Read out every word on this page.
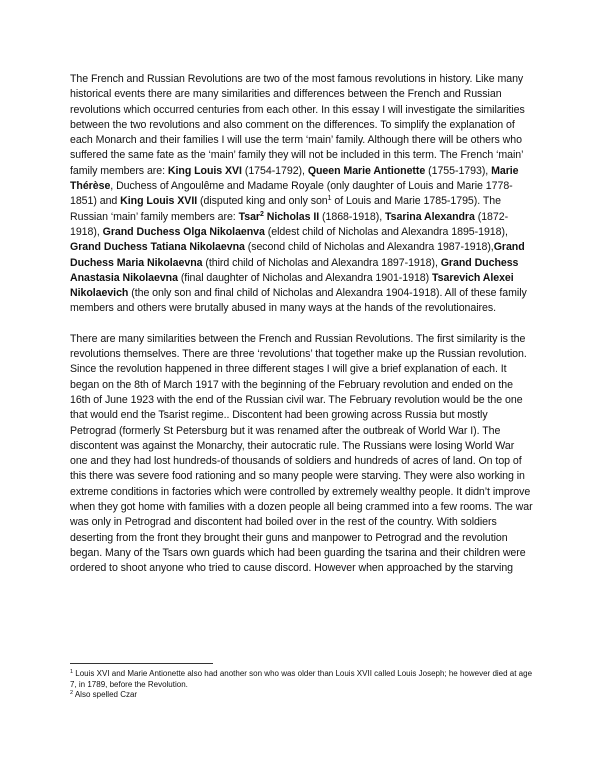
The French and Russian Revolutions are two of the most famous revolutions in history. Like many historical events there are many similarities and differences between the French and Russian revolutions which occurred centuries from each other. In this essay I will investigate the similarities between the two revolutions and also comment on the differences. To simplify the explanation of each Monarch and their families I will use the term ‘main’ family. Although there will be others who suffered the same fate as the ‘main’ family they will not be included in this term. The French ‘main’ family members are: King Louis XVI (1754-1792), Queen Marie Antionette (1755-1793), Marie Thérèse, Duchess of Angoulême and Madame Royale (only daughter of Louis and Marie 1778-1851) and King Louis XVII (disputed king and only son$^1$ of Louis and Marie 1785-1795). The Russian ‘main’ family members are: Tsar$^2$ Nicholas II (1868-1918), Tsarina Alexandra (1872-1918), Grand Duchess Olga Nikolaenva (eldest child of Nicholas and Alexandra 1895-1918), Grand Duchess Tatiana Nikolaevna (second child of Nicholas and Alexandra 1987-1918),Grand Duchess Maria Nikolaevna (third child of Nicholas and Alexandra 1897-1918), Grand Duchess Anastasia Nikolaevna (final daughter of Nicholas and Alexandra 1901-1918) Tsarevich Alexei Nikolaevich (the only son and final child of Nicholas and Alexandra 1904-1918). All of these family members and others were brutally abused in many ways at the hands of the revolutionaires.

There are many similarities between the French and Russian Revolutions. The first similarity is the revolutions themselves. There are three ‘revolutions’ that together make up the Russian revolution. Since the revolution happened in three different stages I will give a brief explanation of each. It began on the 8th of March 1917 with the beginning of the February revolution and ended on the 16th of June 1923 with the end of the Russian civil war. The February revolution would be the one that would end the Tsarist regime.. Discontent had been growing across Russia but mostly Petrograd (formerly St Petersburg but it was renamed after the outbreak of World War I). The discontent was against the Monarchy, their autocratic rule. The Russians were losing World War one and they had lost hundreds-of thousands of soldiers and hundreds of acres of land. On top of this there was severe food rationing and so many people were starving. They were also working in extreme conditions in factories which were controlled by extremely wealthy people. It didn’t improve when they got home with families with a dozen people all being crammed into a few rooms. The war was only in Petrograd and discontent had boiled over in the rest of the country. With soldiers deserting from the front they brought their guns and manpower to Petrograd and the revolution began. Many of the Tsars own guards which had been guarding the tsarina and their children were ordered to shoot anyone who tried to cause discord. However when approached by the starving

$^1$ Louis XVI and Marie Antionette also had another son who was older than Louis XVII called Louis Joseph; he however died at age 7, in 1789, before the Revolution.

$^2$ Also spelled Czar
